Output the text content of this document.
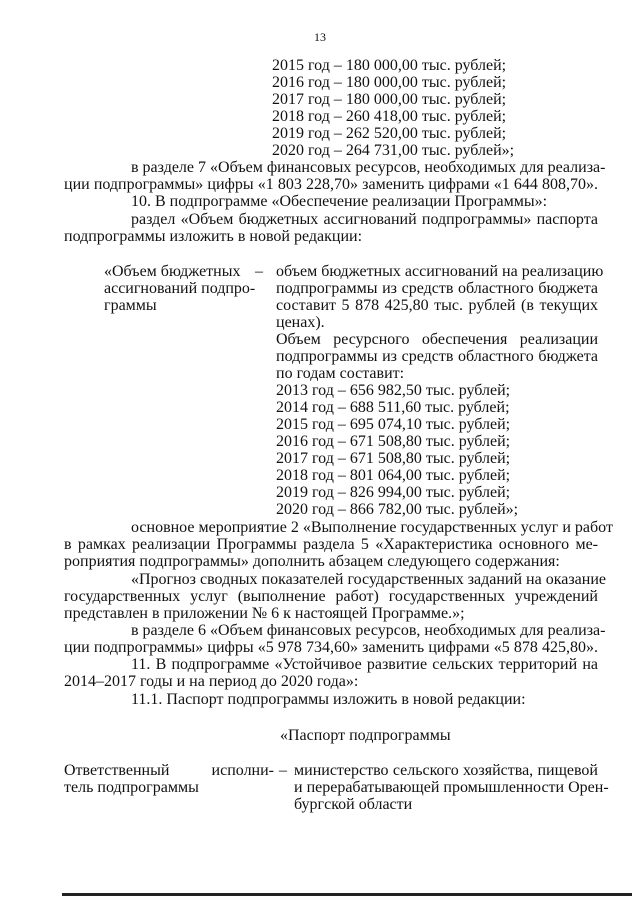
13
2015 год – 180 000,00 тыс. рублей;
2016 год – 180 000,00 тыс. рублей;
2017 год – 180 000,00 тыс. рублей;
2018 год – 260 418,00 тыс. рублей;
2019 год – 262 520,00 тыс. рублей;
2020 год – 264 731,00 тыс. рублей»;
в разделе 7 «Объем финансовых ресурсов, необходимых для реализа-
ции подпрограммы» цифры «1 803 228,70» заменить цифрами «1 644 808,70».
10. В подпрограмме «Обеспечение реализации Программы»:
раздел «Объем бюджетных ассигнований подпрограммы» паспорта
подпрограммы изложить в новой редакции:
«Объем бюджетных
ассигнований подпро-
граммы
– объем бюджетных ассигнований на реализацию
подпрограммы из средств областного бюджета
составит 5 878 425,80 тыс. рублей (в текущих
ценах).
Объем ресурсного обеспечения реализации
подпрограммы из средств областного бюджета
по годам составит:
2013 год – 656 982,50 тыс. рублей;
2014 год – 688 511,60 тыс. рублей;
2015 год – 695 074,10 тыс. рублей;
2016 год – 671 508,80 тыс. рублей;
2017 год – 671 508,80 тыс. рублей;
2018 год – 801 064,00 тыс. рублей;
2019 год – 826 994,00 тыс. рублей;
2020 год – 866 782,00 тыс. рублей»;
основное мероприятие 2 «Выполнение государственных услуг и работ
в рамках реализации Программы раздела 5 «Характеристика основного ме-
роприятия подпрограммы» дополнить абзацем следующего содержания:
«Прогноз сводных показателей государственных заданий на оказание
государственных услуг (выполнение работ) государственных учреждений
представлен в приложении № 6 к настоящей Программе.»;
в разделе 6 «Объем финансовых ресурсов, необходимых для реализа-
ции подпрограммы» цифры «5 978 734,60» заменить цифрами «5 878 425,80».
11. В подпрограмме «Устойчивое развитие сельских территорий на
2014–2017 годы и на период до 2020 года»:
11.1. Паспорт подпрограммы изложить в новой редакции:
«Паспорт подпрограммы
Ответственный исполни-
тель подпрограммы
– министерство сельского хозяйства, пищевой
и перерабатывающей промышленности Орен-
бургской области
